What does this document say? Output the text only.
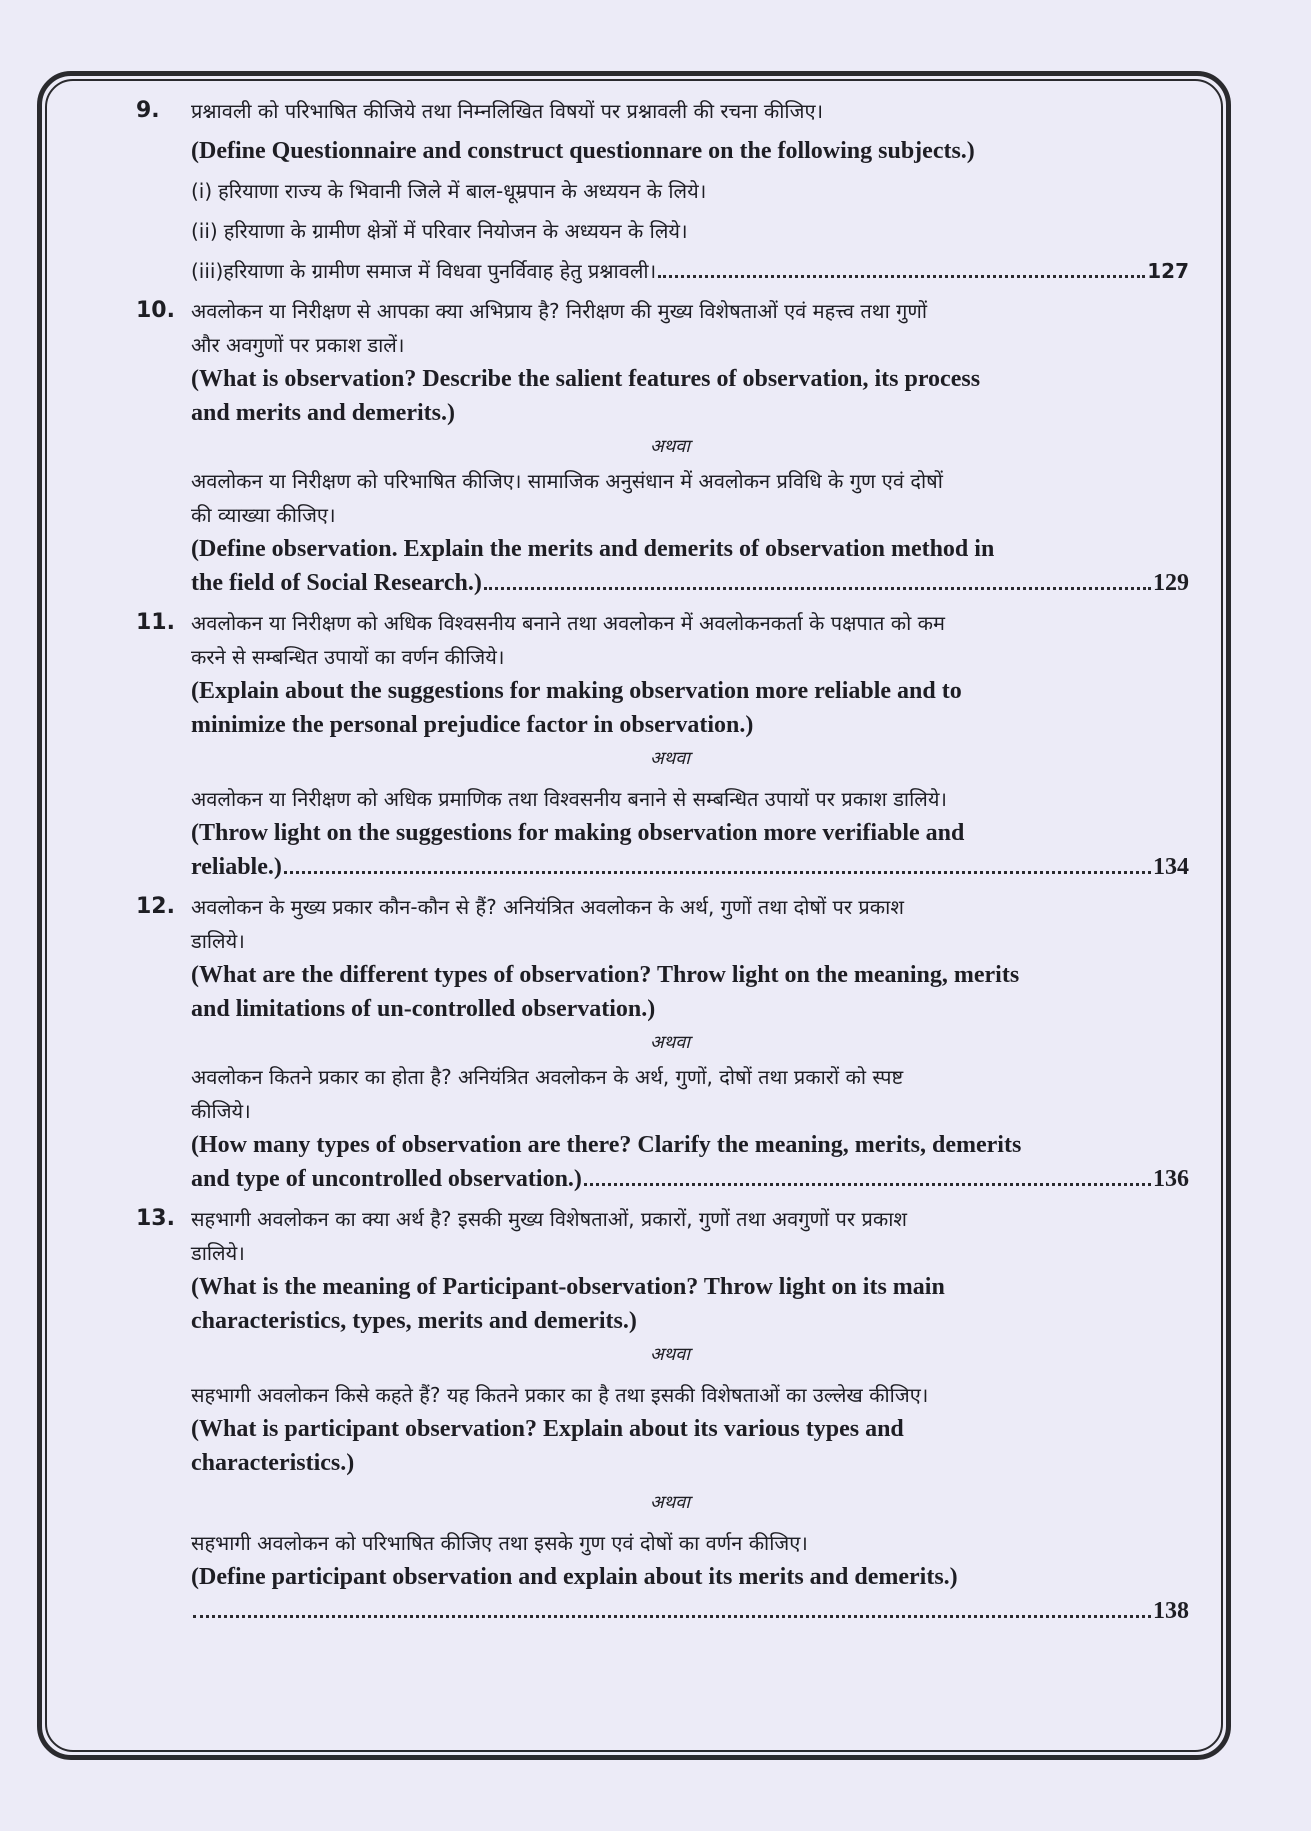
9. प्रश्नावली को परिभाषित कीजिये तथा निम्नलिखित विषयों पर प्रश्नावली की रचना कीजिए।
(Define Questionnaire and construct questionnare on the following subjects.)
(i) हरियाणा राज्य के भिवानी जिले में बाल-धूम्रपान के अध्ययन के लिये।
(ii) हरियाणा के ग्रामीण क्षेत्रों में परिवार नियोजन के अध्ययन के लिये।
(iii) हरियाणा के ग्रामीण समाज में विधवा पुनर्विवाह हेतु प्रश्नावली।	127
10. अवलोकन या निरीक्षण से आपका क्या अभिप्राय है? निरीक्षण की मुख्य विशेषताओं एवं महत्त्व तथा गुणों
और अवगुणों पर प्रकाश डालें।
(What is observation? Describe the salient features of observation, its process
and merits and demerits.)
अथवा
अवलोकन या निरीक्षण को परिभाषित कीजिए। सामाजिक अनुसंधान में अवलोकन प्रविधि के गुण एवं दोषों
की व्याख्या कीजिए।
(Define observation. Explain the merits and demerits of observation method in
the field of Social Research.)	129
11. अवलोकन या निरीक्षण को अधिक विश्वसनीय बनाने तथा अवलोकन में अवलोकनकर्ता के पक्षपात को कम
करने से सम्बन्धित उपायों का वर्णन कीजिये।
(Explain about the suggestions for making observation more reliable and to
minimize the personal prejudice factor in observation.)
अथवा
अवलोकन या निरीक्षण को अधिक प्रमाणिक तथा विश्वसनीय बनाने से सम्बन्धित उपायों पर प्रकाश डालिये।
(Throw light on the suggestions for making observation more verifiable and
reliable.)	134
12. अवलोकन के मुख्य प्रकार कौन-कौन से हैं? अनियंत्रित अवलोकन के अर्थ, गुणों तथा दोषों पर प्रकाश
डालिये।
(What are the different types of observation? Throw light on the meaning, merits
and limitations of un-controlled observation.)
अथवा
अवलोकन कितने प्रकार का होता है? अनियंत्रित अवलोकन के अर्थ, गुणों, दोषों तथा प्रकारों को स्पष्ट
कीजिये।
(How many types of observation are there? Clarify the meaning, merits, demerits
and type of uncontrolled observation.)	136
13. सहभागी अवलोकन का क्या अर्थ है? इसकी मुख्य विशेषताओं, प्रकारों, गुणों तथा अवगुणों पर प्रकाश
डालिये।
(What is the meaning of Participant-observation? Throw light on its main
characteristics, types, merits and demerits.)
अथवा
सहभागी अवलोकन किसे कहते हैं? यह कितने प्रकार का है तथा इसकी विशेषताओं का उल्लेख कीजिए।
(What is participant observation? Explain about its various types and
characteristics.)
अथवा
सहभागी अवलोकन को परिभाषित कीजिए तथा इसके गुण एवं दोषों का वर्णन कीजिए।
(Define participant observation and explain about its merits and demerits.)
138
